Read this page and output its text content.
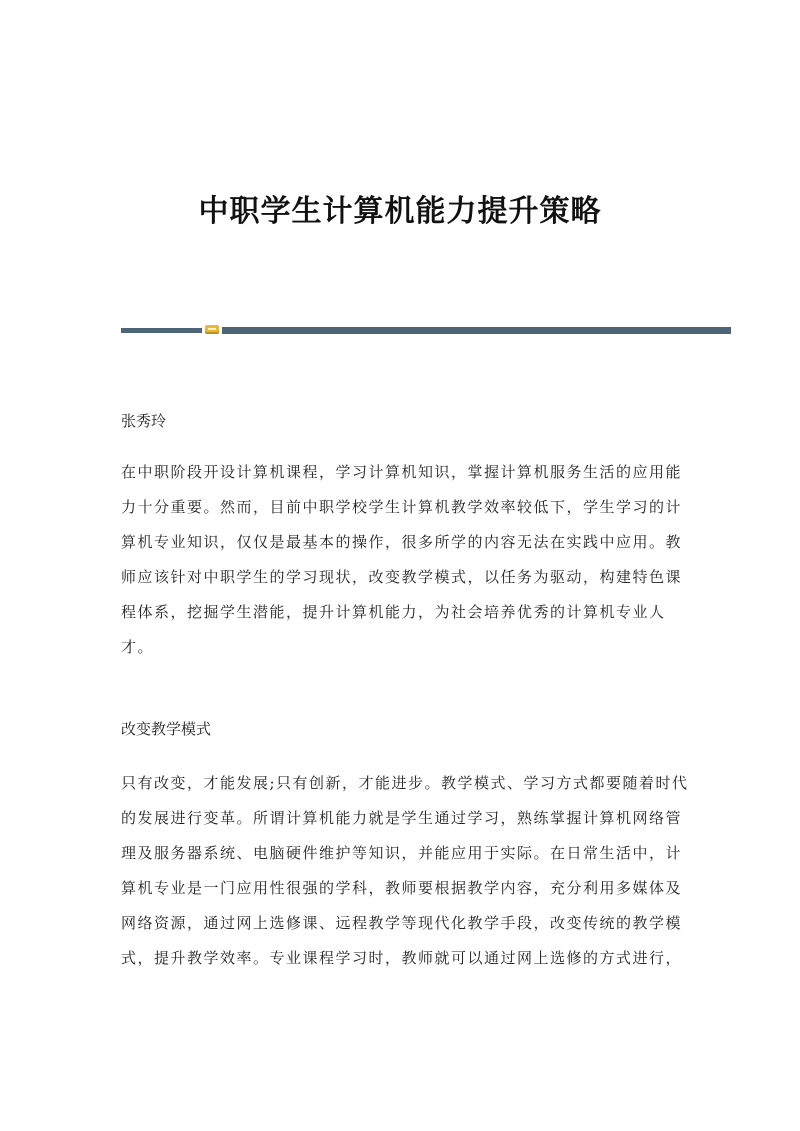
中职学生计算机能力提升策略

张秀玲

在中职阶段开设计算机课程，学习计算机知识，掌握计算机服务生活的应用能
力十分重要。然而，目前中职学校学生计算机教学效率较低下，学生学习的计
算机专业知识，仅仅是最基本的操作，很多所学的内容无法在实践中应用。教
师应该针对中职学生的学习现状，改变教学模式，以任务为驱动，构建特色课
程体系，挖掘学生潜能，提升计算机能力，为社会培养优秀的计算机专业人
才。

改变教学模式

只有改变，才能发展;只有创新，才能进步。教学模式、学习方式都要随着时代
的发展进行变革。所谓计算机能力就是学生通过学习，熟练掌握计算机网络管
理及服务器系统、电脑硬件维护等知识，并能应用于实际。在日常生活中，计
算机专业是一门应用性很强的学科，教师要根据教学内容，充分利用多媒体及
网络资源，通过网上选修课、远程教学等现代化教学手段，改变传统的教学模
式，提升教学效率。专业课程学习时，教师就可以通过网上选修的方式进行，
